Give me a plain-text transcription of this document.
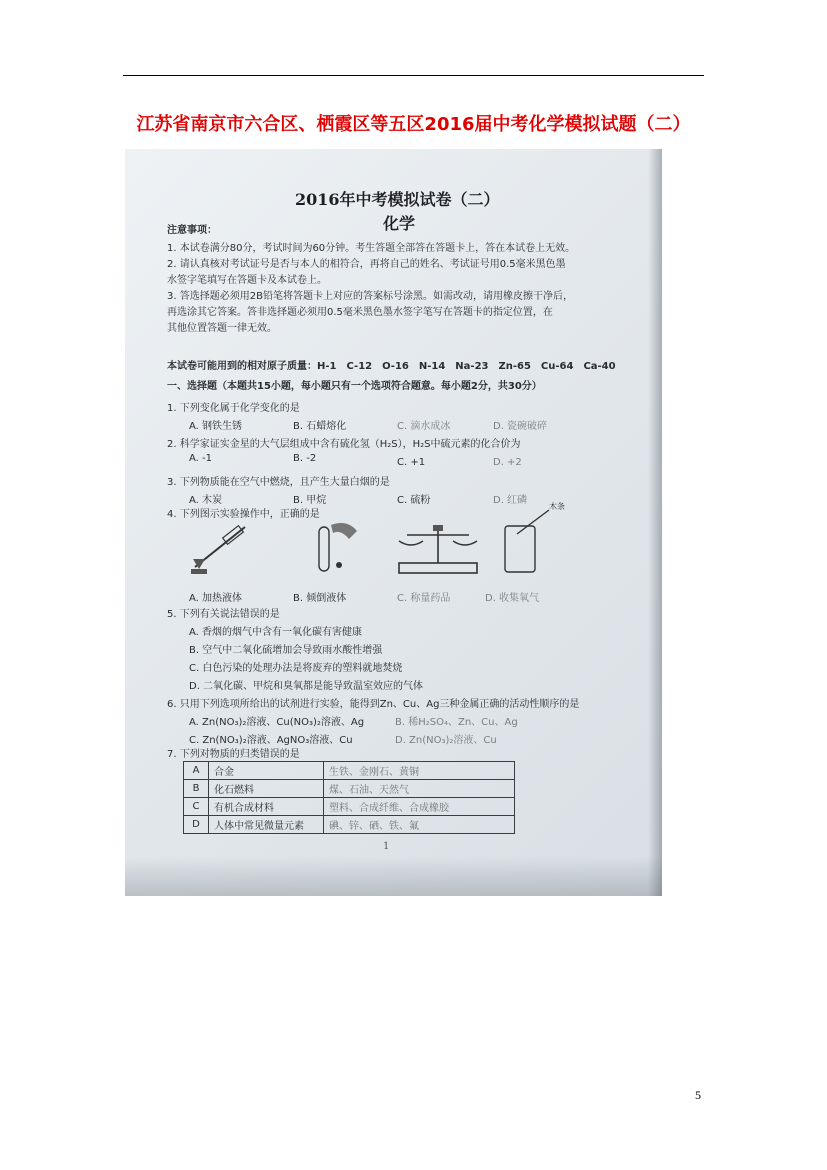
江苏省南京市六合区、栖霞区等五区2016届中考化学模拟试题（二）
2016年中考模拟试卷（二）
化学
注意事项：
1. 本试卷满分80分，考试时间为60分钟。考生答题全部答在答题卡上，答在本试卷上无效。
2. 请认真核对考试证号是否与本人的相符合，再将自己的姓名、考试证号用0.5毫米黑色墨
水签字笔填写在答题卡及本试卷上。
3. 答选择题必须用2B铅笔将答题卡上对应的答案标号涂黑。如需改动，请用橡皮擦干净后，
再选涂其它答案。答非选择题必须用0.5毫米黑色墨水签字笔写在答题卡的指定位置，在
其他位置答题一律无效。
本试卷可能用到的相对原子质量：H-1　C-12　O-16　N-14　Na-23　Zn-65　Cu-64　Ca-40
一、选择题（本题共15小题，每小题只有一个选项符合题意。每小题2分，共30分）
1. 下列变化属于化学变化的是
A. 钢铁生锈	B. 石蜡熔化	C. 滴水成冰	D. 瓷碗破碎
2. 科学家证实金星的大气层组成中含有硫化氢（H₂S），H₂S中硫元素的化合价为
A. -1	B. -2	C. +1	D. +2
3. 下列物质能在空气中燃烧，且产生大量白烟的是
A. 木炭	B. 甲烷	C. 硫粉	D. 红磷
4. 下列图示实验操作中，正确的是
木条
A. 加热液体	B. 倾倒液体	C. 称量药品	D. 收集氧气
5. 下列有关说法错误的是
A. 香烟的烟气中含有一氧化碳有害健康
B. 空气中二氧化硫增加会导致雨水酸性增强
C. 白色污染的处理办法是将废弃的塑料就地焚烧
D. 二氧化碳、甲烷和臭氧都是能导致温室效应的气体
6. 只用下列选项所给出的试剂进行实验，能得到Zn、Cu、Ag三种金属正确的活动性顺序的是
A. Zn(NO₃)₂溶液、Cu(NO₃)₂溶液、Ag	B. 稀H₂SO₄、Zn、Cu、Ag
C. Zn(NO₃)₂溶液、AgNO₃溶液、Cu	D. Zn(NO₃)₂溶液、Cu
7. 下列对物质的归类错误的是
A	合金	生铁、金刚石、黄铜
B	化石燃料	煤、石油、天然气
C	有机合成材料	塑料、合成纤维、合成橡胶
D	人体中常见微量元素	碘、锌、硒、铁、氟
1
5
